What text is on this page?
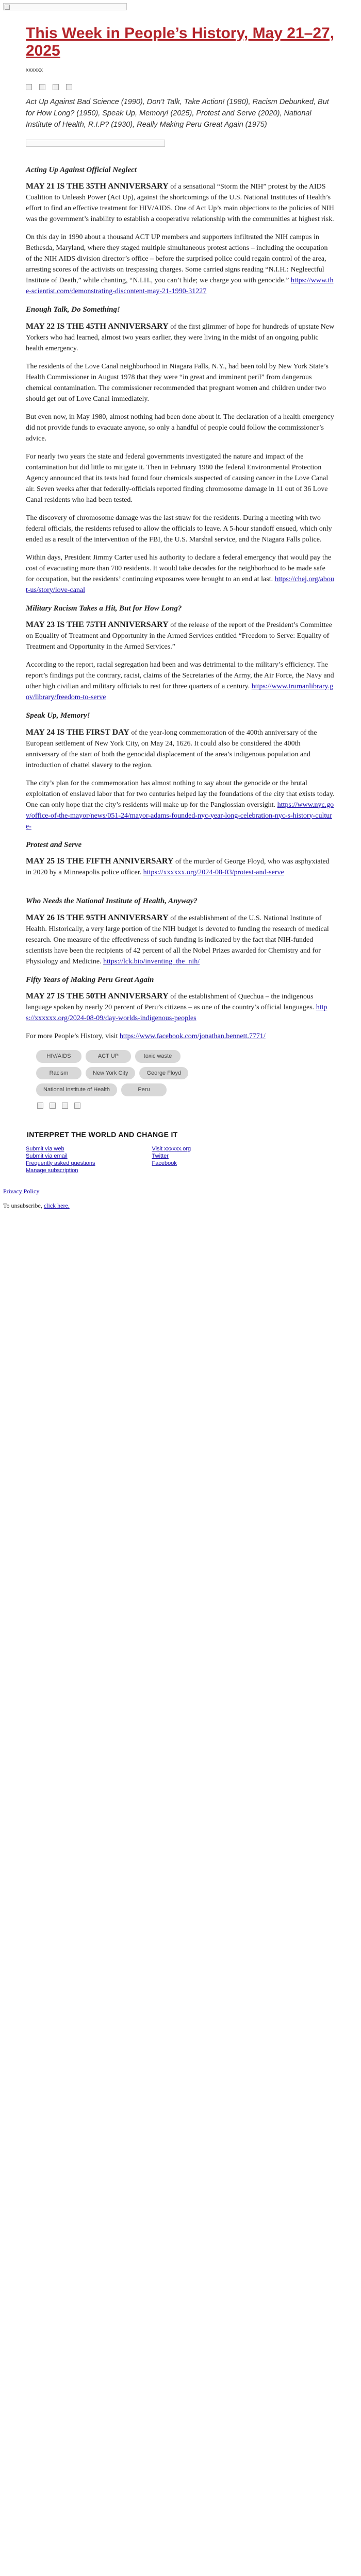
This Week in People’s History, May 21–27, 2025
xxxxxx
Act Up Against Bad Science (1990), Don’t Talk, Take Action! (1980), Racism Debunked, But for How Long? (1950), Speak Up, Memory! (2025), Protest and Serve (2020), National Institute of Health, R.I.P? (1930), Really Making Peru Great Again (1975)
Acting Up Against Official Neglect

MAY 21 IS THE 35TH ANNIVERSARY of a sensational “Storm the NIH” protest by the AIDS Coalition to Unleash Power (Act Up), against the shortcomings of the U.S. National Institutes of Health’s effort to find an effective treatment for HIV/AIDS. One of Act Up’s main objections to the policies of NIH was the government’s inability to establish a cooperative relationship with the communities at highest risk.

On this day in 1990 about a thousand ACT UP members and supporters infiltrated the NIH campus in Bethesda, Maryland, where they staged multiple simultaneous protest actions – including the occupation of the NIH AIDS division director’s office – before the surprised police could regain control of the area, arresting scores of the activists on trespassing charges. Some carried signs reading “N.I.H.: Negleectful Institute of Death,” while chanting, “N.I.H., you can’t hide; we charge you with genocide.” https://www.the-scientist.com/demonstrating-discontent-may-21-1990-31227

Enough Talk, Do Something!

MAY 22 IS THE 45TH ANNIVERSARY of the first glimmer of hope for hundreds of upstate New Yorkers who had learned, almost two years earlier, they were living in the midst of an ongoing public health emergency.

The residents of the Love Canal neighborhood in Niagara Falls, N.Y., had been told by New York State’s Health Commissioner in August 1978 that they were “in great and imminent peril” from dangerous chemical contamination. The commissioner recommended that pregnant women and children under two should get out of Love Canal immediately.

But even now, in May 1980, almost nothing had been done about it. The declaration of a health emergency did not provide funds to evacuate anyone, so only a handful of people could follow the commissioner’s advice.

For nearly two years the state and federal governments investigated the nature and impact of the contamination but did little to mitigate it. Then in February 1980 the federal Environmental Protection Agency announced that its tests had found four chemicals suspected of causing cancer in the Love Canal air. Seven weeks after that federally-officials reported finding chromosome damage in 11 out of 36 Love Canal residents who had been tested.

The discovery of chromosome damage was the last straw for the residents. During a meeting with two federal officials, the residents refused to allow the officials to leave. A 5-hour standoff ensued, which only ended as a result of the intervention of the FBI, the U.S. Marshal service, and the Niagara Falls police.

Within days, President Jimmy Carter used his authority to declare a federal emergency that would pay the cost of evacuating more than 700 residents. It would take decades for the neighborhood to be made safe for occupation, but the residents’ continuing exposures were brought to an end at last. https://chej.org/about-us/story/love-canal

Military Racism Takes a Hit, But for How Long?

MAY 23 IS THE 75TH ANNIVERSARY of the release of the report of the President’s Committee on Equality of Treatment and Opportunity in the Armed Services entitled “Freedom to Serve: Equality of Treatment and Opportunity in the Armed Services.”

According to the report, racial segregation had been and was detrimental to the military’s efficiency. The report’s findings put the contrary, racist, claims of the Secretaries of the Army, the Air Force, the Navy and other high civilian and military officials to rest for three quarters of a century. https://www.trumanlibrary.gov/library/freedom-to-serve

Speak Up, Memory!

MAY 24 IS THE FIRST DAY of the year-long commemoration of the 400th anniversary of the European settlement of New York City, on May 24, 1626. It could also be considered the 400th anniversary of the start of both the genocidal displacement of the area’s indigenous population and introduction of chattel slavery to the region.

The city’s plan for the commemoration has almost nothing to say about the genocide or the brutal exploitation of enslaved labor that for two centuries helped lay the foundations of the city that exists today. One can only hope that the city’s residents will make up for the Panglossian oversight. https://www.nyc.gov/office-of-the-mayor/news/051-24/mayor-adams-founded-nyc-year-long-celebration-nyc-s-history-culture-

Protest and Serve

MAY 25 IS THE FIFTH ANNIVERSARY of the murder of George Floyd, who was asphyxiated in 2020 by a Minneapolis police officer. https://xxxxxx.org/2024-08-03/protest-and-serve

Who Needs the National Institute of Health, Anyway?

MAY 26 IS THE 95TH ANNIVERSARY of the establishment of the U.S. National Institute of Health. Historically, a very large portion of the NIH budget is devoted to funding the research of medical research. One measure of the effectiveness of such funding is indicated by the fact that NIH-funded scientists have been the recipients of 42 percent of all the Nobel Prizes awarded for Chemistry and for Physiology and Medicine. https://lck.bio/inventing_the_nih/

Fifty Years of Making Peru Great Again

MAY 27 IS THE 50TH ANNIVERSARY of the establishment of Quechua – the indigenous language spoken by nearly 20 percent of Peru’s citizens – as one of the country’s official languages. https://xxxxxx.org/2024-08-09/day-worlds-indigenous-peoples

For more People’s History, visit https://www.facebook.com/jonathan.bennett.7771/

HIV/AIDS	ACT UP	toxic waste
Racism	New York City	George Floyd
National Institute of Health	Peru
INTERPRET THE WORLD AND CHANGE IT
Submit via web
Submit via email
Frequently asked questions
Manage subscription
Visit xxxxxx.org
Twitter
Facebook

Privacy Policy

To unsubscribe, click here.
